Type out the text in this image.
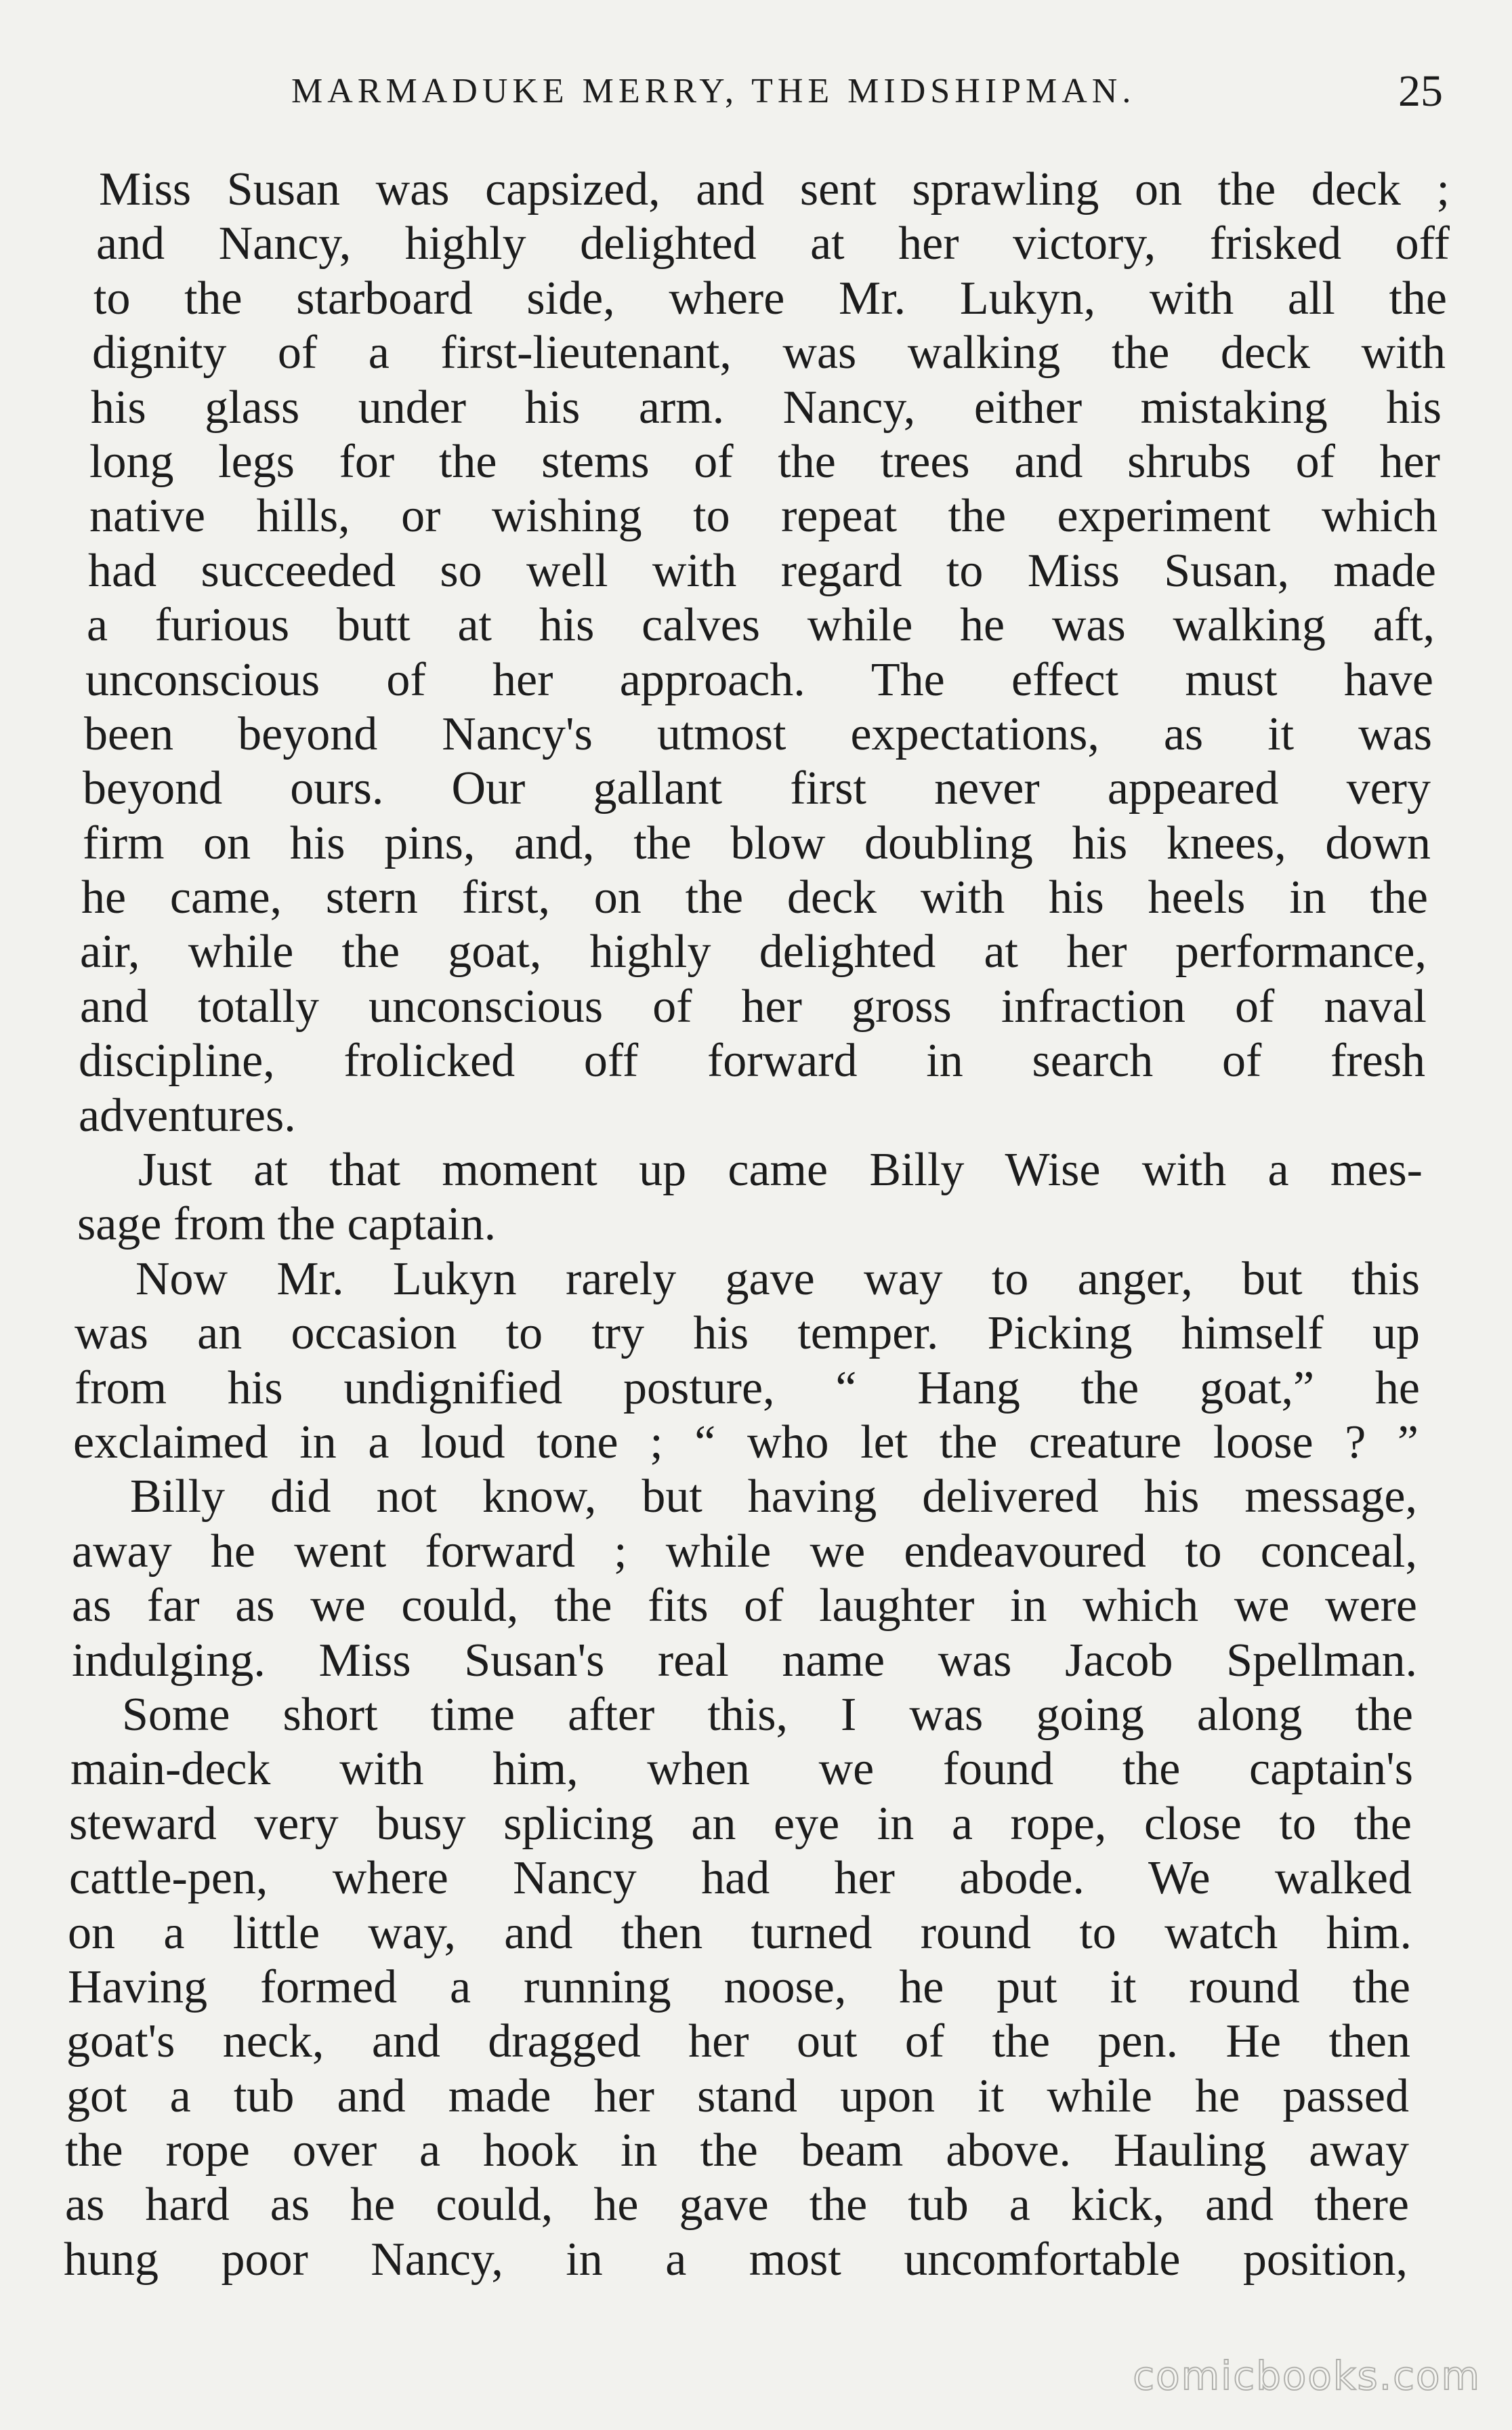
MARMADUKE MERRY, THE MIDSHIPMAN.	25
Miss Susan was capsized, and sent sprawling on the deck ;
and Nancy, highly delighted at her victory, frisked off
to the starboard side, where Mr. Lukyn, with all the
dignity of a first-lieutenant, was walking the deck with
his glass under his arm. Nancy, either mistaking his
long legs for the stems of the trees and shrubs of her
native hills, or wishing to repeat the experiment which
had succeeded so well with regard to Miss Susan, made
a furious butt at his calves while he was walking aft,
unconscious of her approach. The effect must have
been beyond Nancy's utmost expectations, as it was
beyond ours. Our gallant first never appeared very
firm on his pins, and, the blow doubling his knees, down
he came, stern first, on the deck with his heels in the
air, while the goat, highly delighted at her performance,
and totally unconscious of her gross infraction of naval
discipline, frolicked off forward in search of fresh
adventures.
Just at that moment up came Billy Wise with a mes-
sage from the captain.
Now Mr. Lukyn rarely gave way to anger, but this
was an occasion to try his temper. Picking himself up
from his undignified posture, “ Hang the goat,” he
exclaimed in a loud tone ; “ who let the creature loose ? ”
Billy did not know, but having delivered his message,
away he went forward ; while we endeavoured to conceal,
as far as we could, the fits of laughter in which we were
indulging. Miss Susan's real name was Jacob Spellman.
Some short time after this, I was going along the
main-deck with him, when we found the captain's
steward very busy splicing an eye in a rope, close to the
cattle-pen, where Nancy had her abode. We walked
on a little way, and then turned round to watch him.
Having formed a running noose, he put it round the
goat's neck, and dragged her out of the pen. He then
got a tub and made her stand upon it while he passed
the rope over a hook in the beam above. Hauling away
as hard as he could, he gave the tub a kick, and there
hung poor Nancy, in a most uncomfortable position,
comicbooks.com
